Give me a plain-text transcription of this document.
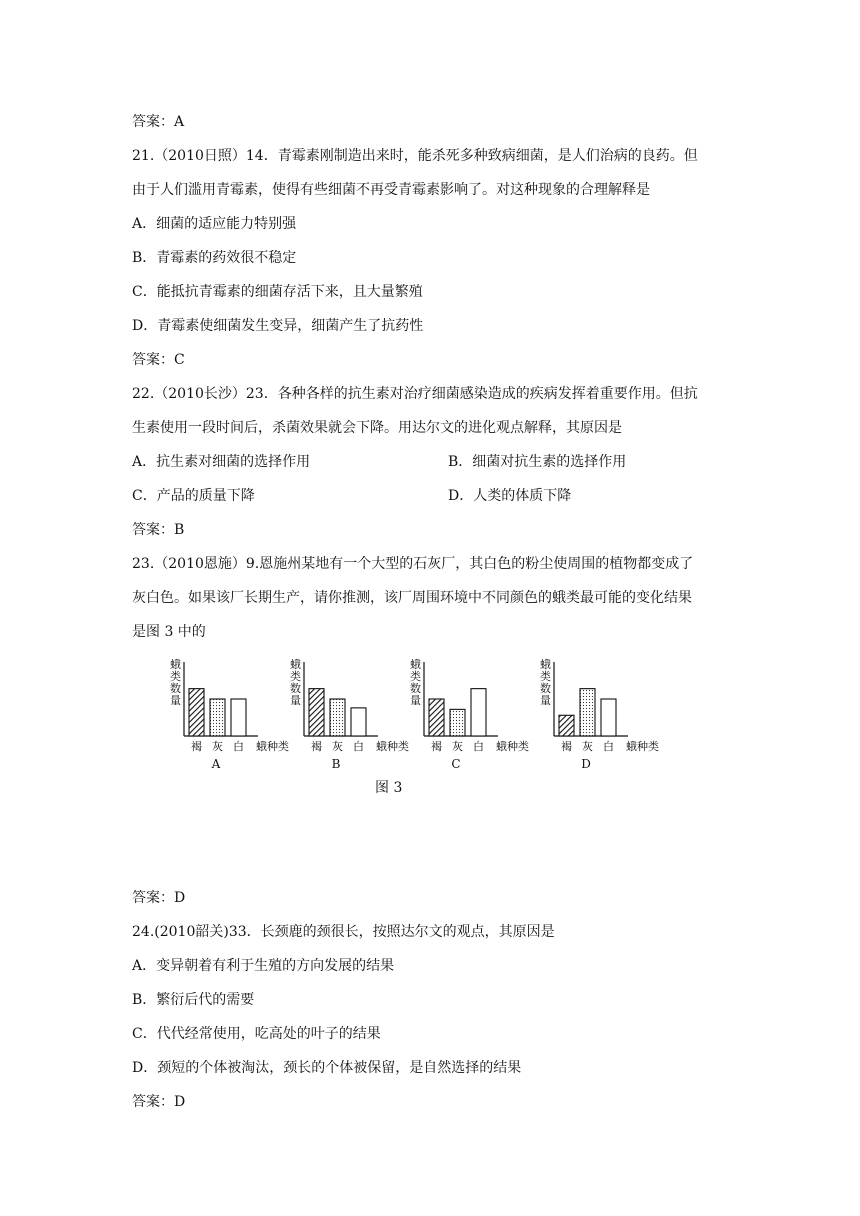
答案：A
21.（2010日照）14．青霉素刚制造出来时，能杀死多种致病细菌，是人们治病的良药。但
由于人们滥用青霉素，使得有些细菌不再受青霉素影响了。对这种现象的合理解释是
A．细菌的适应能力特别强
B．青霉素的药效很不稳定
C．能抵抗青霉素的细菌存活下来，且大量繁殖
D．青霉素使细菌发生变异，细菌产生了抗药性
答案：C
22.（2010长沙）23．各种各样的抗生素对治疗细菌感染造成的疾病发挥着重要作用。但抗
生素使用一段时间后，杀菌效果就会下降。用达尔文的进化观点解释，其原因是
A．抗生素对细菌的选择作用	B．细菌对抗生素的选择作用
C．产品的质量下降	D．人类的体质下降
答案：B
23.（2010恩施）9.恩施州某地有一个大型的石灰厂，其白色的粉尘使周围的植物都变成了
灰白色。如果该厂长期生产，请你推测，该厂周围环境中不同颜色的蛾类最可能的变化结果
是图 3 中的
蛾
类
数
量
褐 灰 白 蛾种类
A
蛾
类
数
量
褐 灰 白 蛾种类
B
蛾
类
数
量
褐 灰 白 蛾种类
C
蛾
类
数
量
褐 灰 白 蛾种类
D
图 3
答案：D
24.(2010韶关)33．长颈鹿的颈很长，按照达尔文的观点，其原因是
A．变异朝着有利于生殖的方向发展的结果
B．繁衍后代的需要
C．代代经常使用，吃高处的叶子的结果
D．颈短的个体被淘汰，颈长的个体被保留，是自然选择的结果
答案：D
